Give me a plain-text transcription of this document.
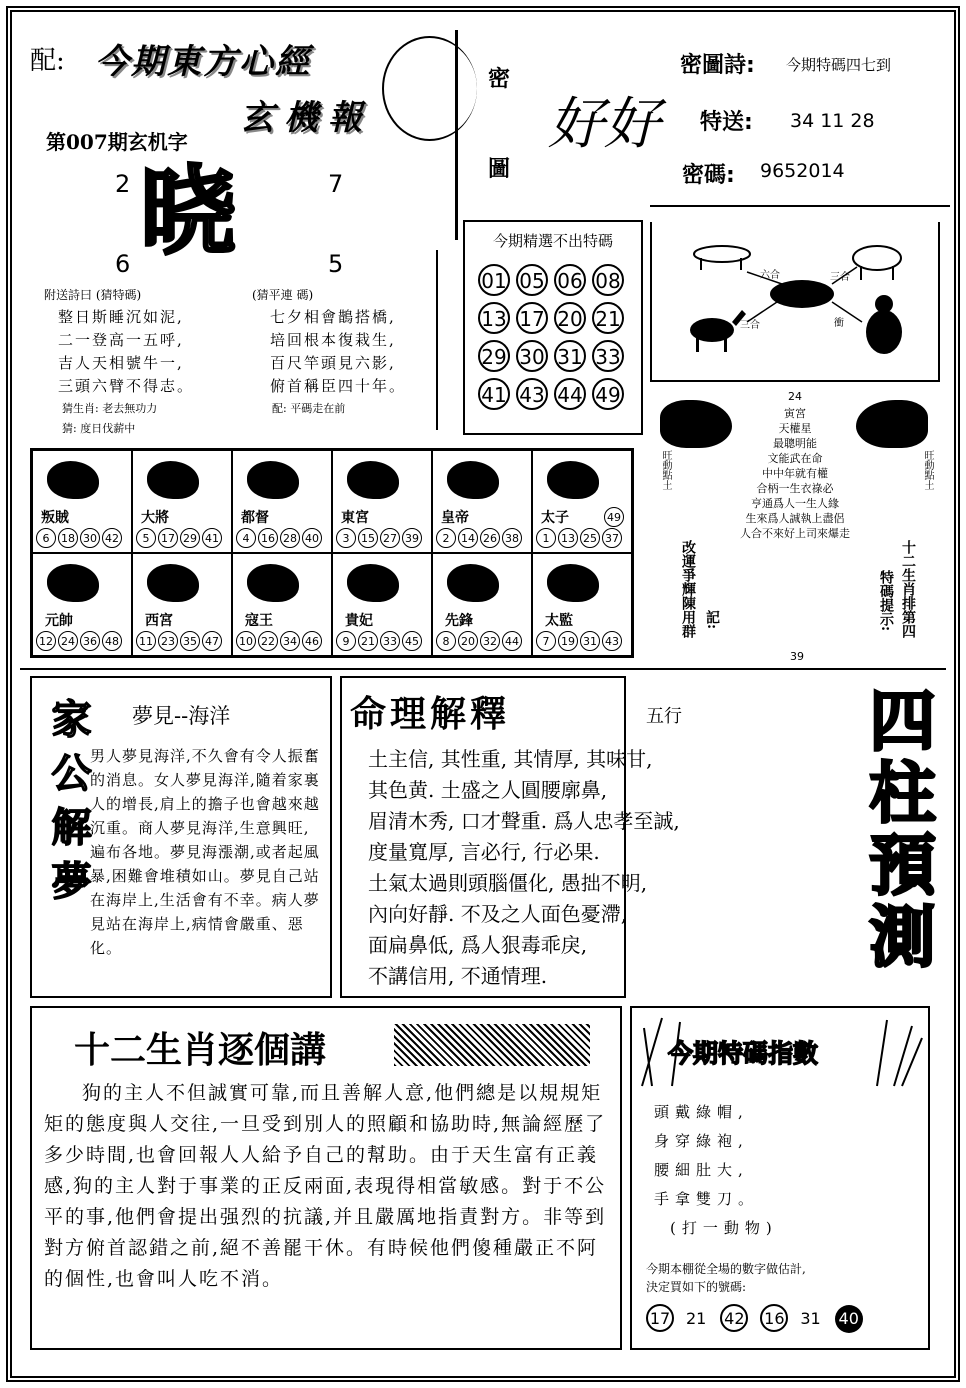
配: 今期東方心經
玄機報
第007期玄机字
2	7
晓
6	5
附送詩曰 (猜特碼)	(猜平連 碼)
整日斯睡沉如泥,
二一登高一五呼,
吉人天相號牛一,
三頭六臂不得志。
猜生肖: 老去無功力
猜: 度日伐薪中
七夕相會鵲搭橋,
培回根本復栽生,
百尺竿頭見六影,
俯首稱臣四十年。
配: 平碼走在前
密
圖
好好
密圖詩: 今期特碼四七到
特送: 34 11 28
密碼: 9652014
今期精選不出特碼
01 05 06 08
13 17 20 21
29 30 31 33
41 43 44 49

六合	三合
三合	衝
叛賊
6 18 30 42
大將
5 17 29 41
都督
4 16 28 40
東宮
3 15 27 39
皇帝
2 14 26 38
太子	49
1 13 25 37
元帥
12 24 36 48
西宮
11 23 35 47
寇王
10 22 34 46
貴妃
9 21 33 45
先鋒
8 20 32 44
太監
7 19 31 43
24
寅宮
天權星
最聰明能
文能武在命
中中年就有權
合柄一生衣祿必
亨通爲人一生人緣
生來爲人誠執上盡侶
人合不來好上司來爆走
旺動點土	旺動點土
改運爭輝陳用群 記:	十二生肖排第四
特碼提示:
39
家公解夢 夢見--海洋
男人夢見海洋,不久會有令人振奮的消息。女人夢見海洋,隨着家裏人的增長,肩上的擔子也會越來越沉重。商人夢見海洋,生意興旺,遍布各地。夢見海漲潮,或者起風暴,困難會堆積如山。夢見自己站在海岸上,生活會有不幸。病人夢見站在海岸上,病情會嚴重、惡化。
命理解釋	五行
土主信, 其性重, 其情厚, 其味甘,
其色黄. 土盛之人圓腰廓鼻,
眉清木秀, 口才聲重. 爲人忠孝至誠,
度量寬厚, 言必行, 行必果.
土氣太過則頭腦僵化, 愚拙不明,
內向好靜. 不及之人面色憂滯,
面扁鼻低, 爲人狠毒乖戾,
不講信用, 不通情理.
四柱預測
十二生肖逐個講
狗的主人不但誠實可靠,而且善解人意,他們總是以規規矩矩的態度與人交往,一旦受到別人的照顧和協助時,無論經歷了多少時間,也會回報人人給予自己的幫助。由于天生富有正義感,狗的主人對于事業的正反兩面,表現得相當敏感。對于不公平的事,他們會提出强烈的抗議,并且嚴厲地指責對方。非等到對方俯首認錯之前,絕不善罷干休。有時候他們傻種嚴正不阿的個性,也會叫人吃不消。
今期特碼指數
頭戴綠帽,
身穿綠袍,
腰細肚大,
手拿雙刀。
(打一動物)
今期本棚從全場的數字做估計,
決定買如下的號碼:
17 21 42 16 31 40
